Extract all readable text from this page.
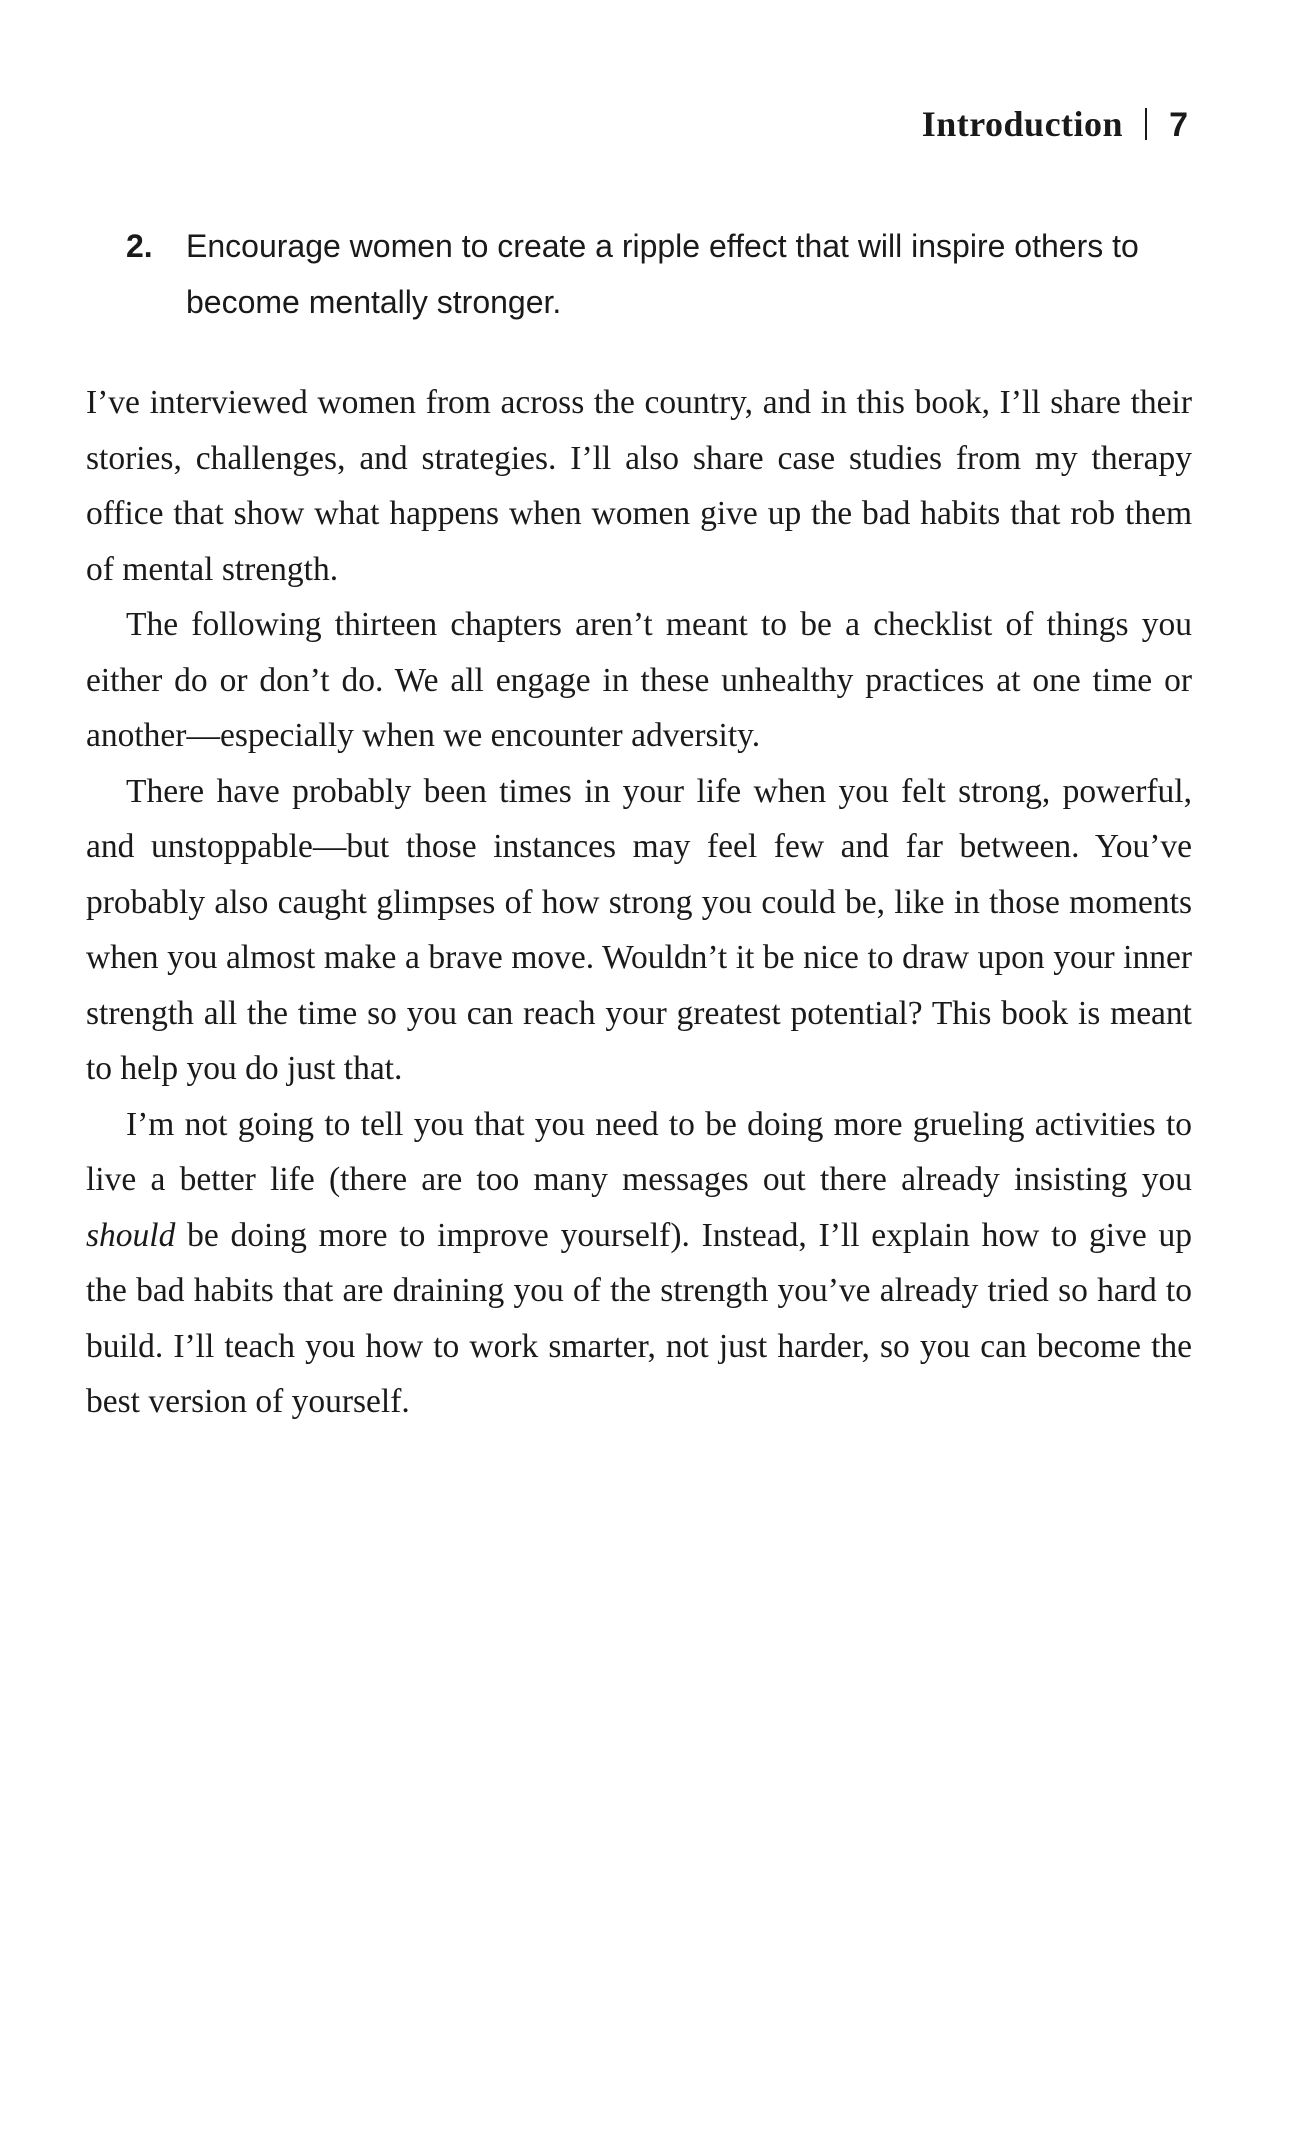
Introduction 7
2. Encourage women to create a ripple effect that will inspire others to become mentally stronger.

I’ve interviewed women from across the country, and in this book, I’ll share their stories, challenges, and strategies. I’ll also share case studies from my therapy office that show what happens when women give up the bad habits that rob them of mental strength.

The following thirteen chapters aren’t meant to be a checklist of things you either do or don’t do. We all engage in these unhealthy practices at one time or another—especially when we encounter adversity.

There have probably been times in your life when you felt strong, powerful, and unstoppable—but those instances may feel few and far between. You’ve probably also caught glimpses of how strong you could be, like in those moments when you almost make a brave move. Wouldn’t it be nice to draw upon your inner strength all the time so you can reach your greatest potential? This book is meant to help you do just that.

I’m not going to tell you that you need to be doing more grueling activities to live a better life (there are too many messages out there already insisting you should be doing more to improve yourself). Instead, I’ll explain how to give up the bad habits that are draining you of the strength you’ve already tried so hard to build. I’ll teach you how to work smarter, not just harder, so you can become the best version of yourself.
